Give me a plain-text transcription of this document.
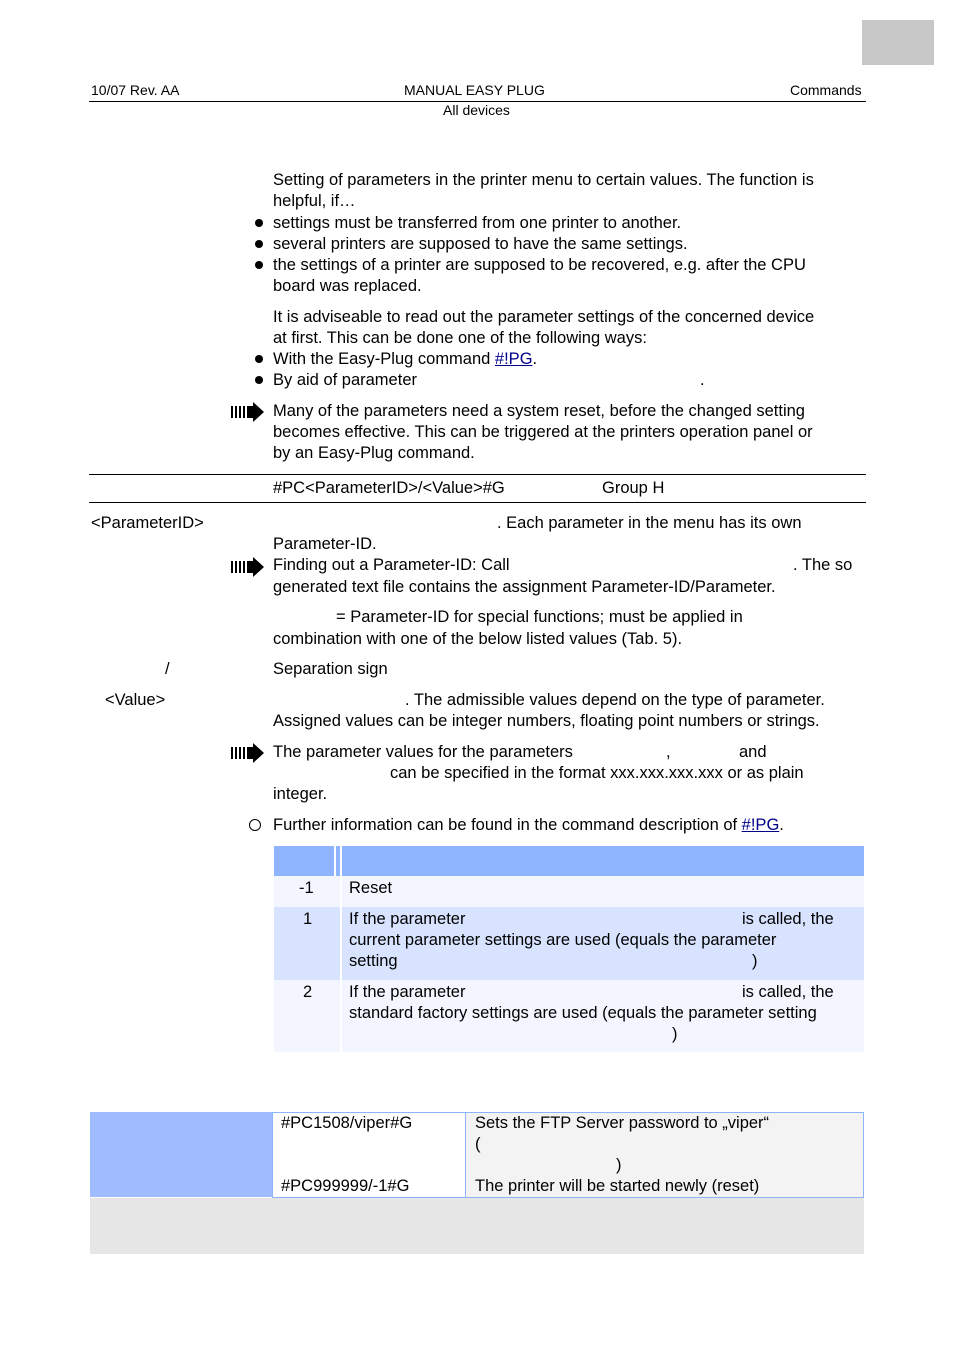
10/07 Rev. AA	MANUAL EASY PLUG	Commands
All devices
Setting of parameters in the printer menu to certain values. The function is
helpful, if…
settings must be transferred from one printer to another.
several printers are supposed to have the same settings.
the settings of a printer are supposed to be recovered, e.g. after the CPU
board was replaced.
It is adviseable to read out the parameter settings of the concerned device
at first. This can be done one of the following ways:
With the Easy-Plug command #!PG.
By aid of parameter	.
Many of the parameters need a system reset, before the changed setting
becomes effective. This can be triggered at the printers operation panel or
by an Easy-Plug command.
#PC<ParameterID>/<Value>#G	Group H
<ParameterID>	. Each parameter in the menu has its own
Parameter-ID.
Finding out a Parameter-ID: Call	. The so
generated text file contains the assignment Parameter-ID/Parameter.
= Parameter-ID for special functions; must be applied in
combination with one of the below listed values (Tab. 5).
/	Separation sign
<Value>	. The admissible values depend on the type of parameter.
Assigned values can be integer numbers, floating point numbers or strings.
The parameter values for the parameters	,	and
can be specified in the format xxx.xxx.xxx.xxx or as plain
integer.
Further information can be found in the command description of #!PG.
-1 Reset
1 If the parameter	is called, the
current parameter settings are used (equals the parameter
setting	)
2 If the parameter	is called, the
standard factory settings are used (equals the parameter setting
)
#PC1508/viper#G	Sets the FTP Server password to „viper“
(
)
#PC999999/-1#G	The printer will be started newly (reset)
